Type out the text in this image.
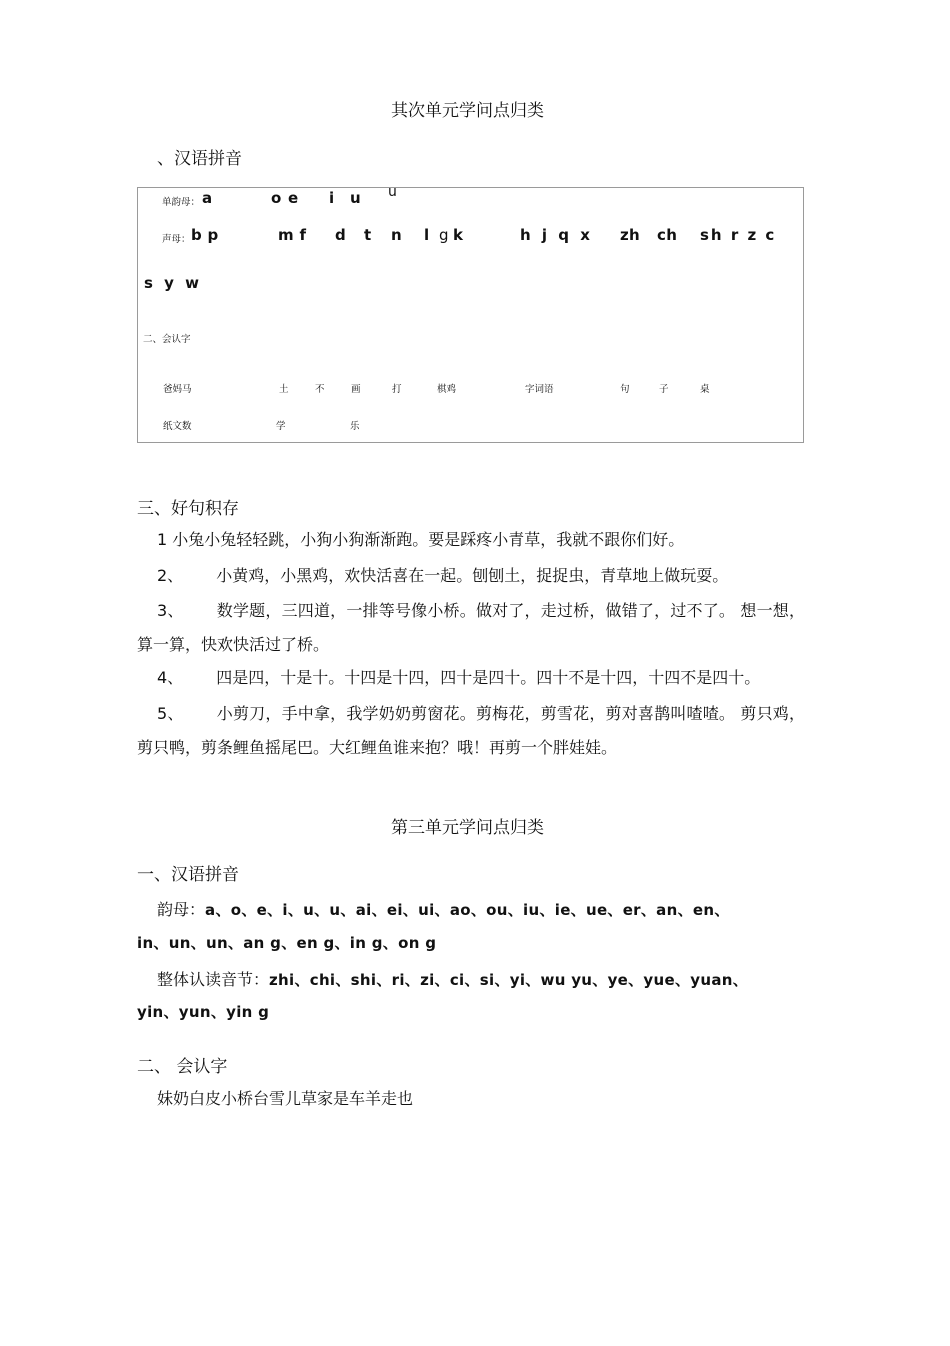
其次单元学问点归类
、汉语拼音
单韵母： a	o e i u u
声母： b p	m f d t n l g k	h j q x zh ch sh r z c
s y w
二、会认字
爸妈马	土	不	画	打	棋鸡	字词语	句	子	桌
纸文数	学	乐
三、好句积存
1 小兔小兔轻轻跳，小狗小狗渐渐跑。要是踩疼小青草，我就不跟你们好。
2、 小黄鸡，小黑鸡，欢快活喜在一起。刨刨土，捉捉虫，青草地上做玩耍。
3、 数学题，三四道，一排等号像小桥。做对了，走过桥，做错了，过不了。 想一想，算一算，快欢快活过了桥。
4、 四是四，十是十。十四是十四，四十是四十。四十不是十四，十四不是四十。
5、 小剪刀，手中拿，我学奶奶剪窗花。剪梅花，剪雪花，剪对喜鹊叫喳喳。 剪只鸡，剪只鸭，剪条鲤鱼摇尾巴。大红鲤鱼谁来抱？哦！再剪一个胖娃娃。
第三单元学问点归类
一、汉语拼音
韵母：a、o、e、i、u、u、ai、ei、ui、ao、ou、iu、ie、ue、er、an、en、
in、un、un、an g、en g、in g、on g
整体认读音节：zhi、chi、shi、ri、zi、ci、si、yi、wu yu、ye、yue、yuan、
yin、yun、yin g
二、 会认字
妹奶白皮小桥台雪儿草家是车羊走也
